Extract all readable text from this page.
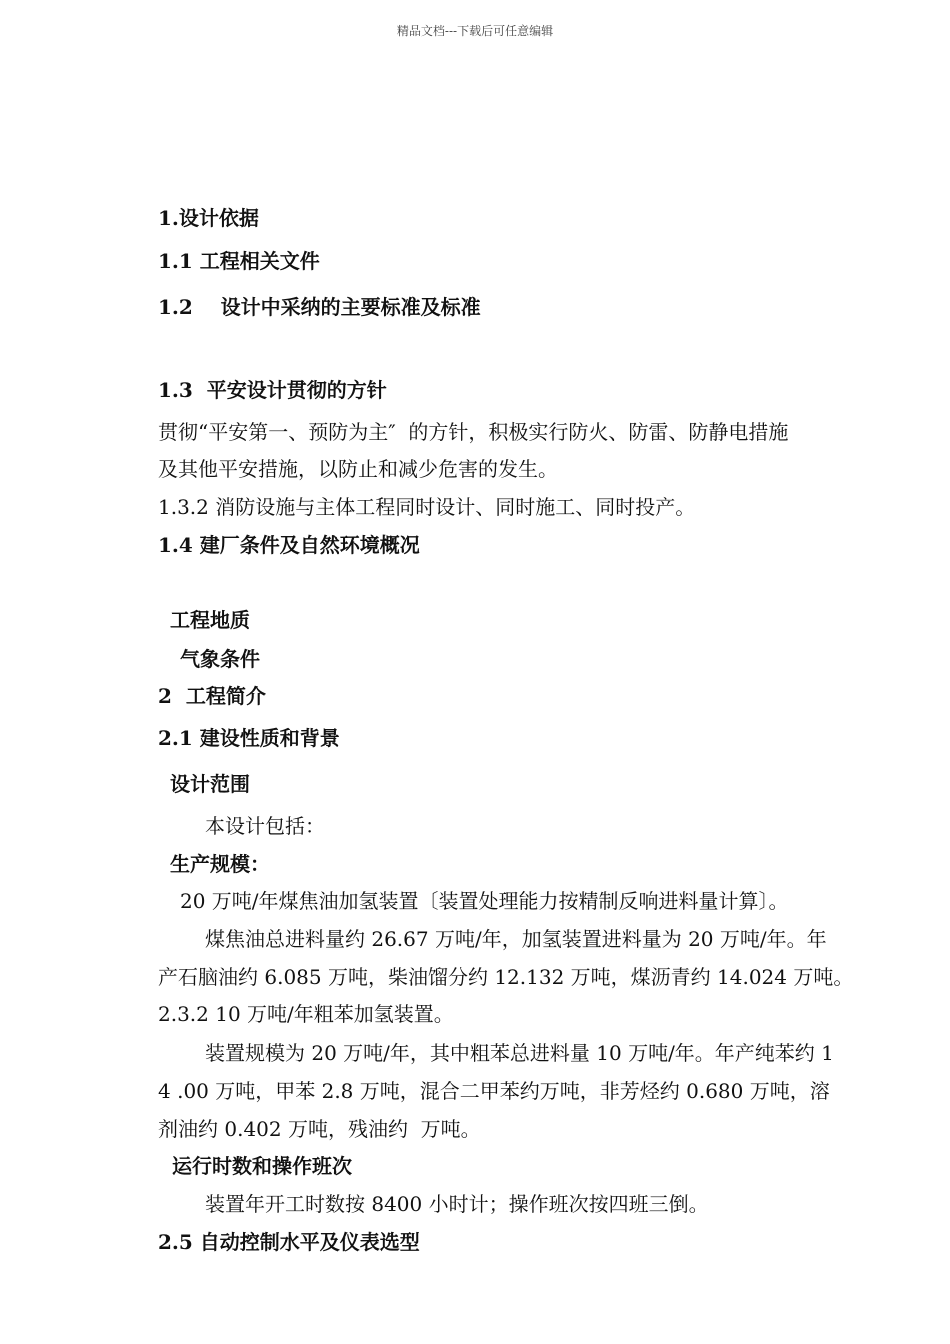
精品文档---下载后可任意编辑
1.设计依据
1.1 工程相关文件
1.2    设计中采纳的主要标准及标准
1.3  平安设计贯彻的方针
贯彻“平安第一、预防为主″  的方针，积极实行防火、防雷、防静电措施
及其他平安措施，以防止和减少危害的发生。
1.3.2 消防设施与主体工程同时设计、同时施工、同时投产。
1.4 建厂条件及自然环境概况
工程地质
气象条件
2  工程简介
2.1 建设性质和背景
设计范围
本设计包括：
生产规模：
20 万吨/年煤焦油加氢装置〔装置处理能力按精制反响进料量计算〕。
煤焦油总进料量约 26.67 万吨/年，加氢装置进料量为 20 万吨/年。年
产石脑油约 6.085 万吨，柴油馏分约 12.132 万吨，煤沥青约 14.024 万吨。
2.3.2 10 万吨/年粗苯加氢装置。
装置规模为 20 万吨/年，其中粗苯总进料量 10 万吨/年。年产纯苯约 1
4 .00 万吨，甲苯 2.8 万吨，混合二甲苯约万吨，非芳烃约 0.680 万吨，溶
剂油约 0.402 万吨，残油约  万吨。
运行时数和操作班次
装置年开工时数按 8400 小时计；操作班次按四班三倒。
2.5 自动控制水平及仪表选型
